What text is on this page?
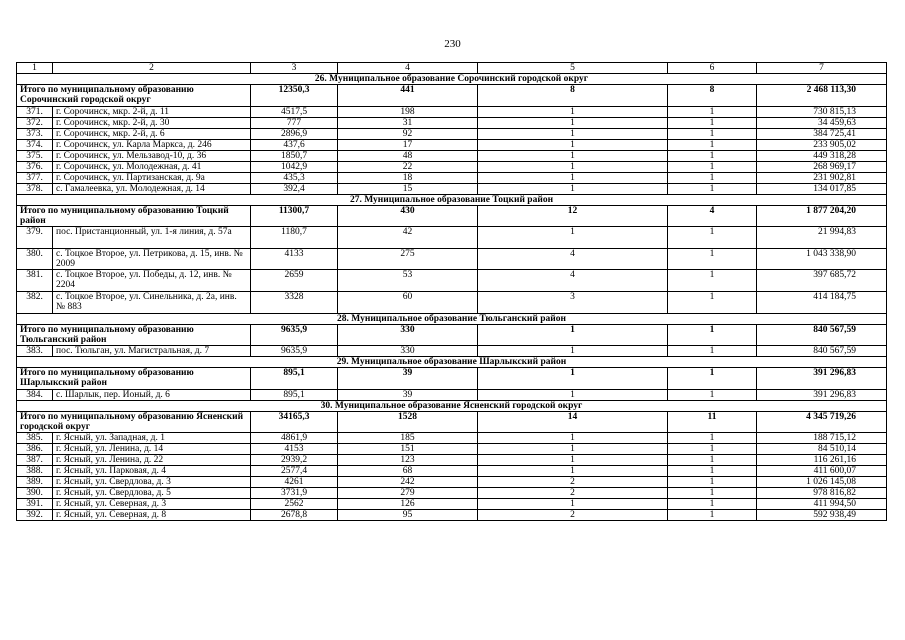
230
1	2	3	4	5	6	7
26. Муниципальное образование Сорочинский городской округ						
Итого по муниципальному образованию Сорочинский городской округ		12350,3	441	8	8	2 468 113,30
371.	г. Сорочинск, мкр. 2-й, д. 11	4517,5	198	1	1	730 815,13
372.	г. Сорочинск, мкр. 2-й, д. 30	777	31	1	1	34 459,63
373.	г. Сорочинск, мкр. 2-й, д. 6	2896,9	92	1	1	384 725,41
374.	г. Сорочинск, ул. Карла Маркса, д. 246	437,6	17	1	1	233 905,02
375.	г. Сорочинск, ул. Мельзавод-10, д. 36	1850,7	48	1	1	449 318,28
376.	г. Сорочинск, ул. Молодежная, д. 41	1042,9	22	1	1	268 969,17
377.	г. Сорочинск, ул. Партизанская, д. 9а	435,3	18	1	1	231 902,81
378.	с. Гамалеевка, ул. Молодежная, д. 14	392,4	15	1	1	134 017,85
27. Муниципальное образование Тоцкий район						
Итого по муниципальному образованию Тоцкий район		11300,7	430	12	4	1 877 204,20
379.	пос. Пристанционный, ул. 1-я линия, д. 57а	1180,7	42	1	1	21 994,83
380.	с. Тоцкое Второе, ул. Петрикова, д. 15, инв. № 2009	4133	275	4	1	1 043 338,90
381.	с. Тоцкое Второе, ул. Победы, д. 12, инв. № 2204	2659	53	4	1	397 685,72
382.	с. Тоцкое Второе, ул. Синельника, д. 2а, инв. № 883	3328	60	3	1	414 184,75
28. Муниципальное образование Тюльганский район						
Итого по муниципальному образованию Тюльганский район		9635,9	330	1	1	840 567,59
383.	пос. Тюльган, ул. Магистральная, д. 7	9635,9	330	1	1	840 567,59
29. Муниципальное образование Шарлыкский район						
Итого по муниципальному образованию Шарлыкский район		895,1	39	1	1	391 296,83
384.	с. Шарлык, пер. Ионый, д. 6	895,1	39	1	1	391 296,83
30. Муниципальное образование Ясненский городской округ						
Итого по муниципальному образованию Ясненский городской округ		34165,3	1528	14	11	4 345 719,26
385.	г. Ясный, ул. Западная, д. 1	4861,9	185	1	1	188 715,12
386.	г. Ясный, ул. Ленина, д. 14	4153	151	1	1	84 510,14
387.	г. Ясный, ул. Ленина, д. 22	2939,2	123	1	1	116 261,16
388.	г. Ясный, ул. Парковая, д. 4	2577,4	68	1	1	411 600,07
389.	г. Ясный, ул. Свердлова, д. 3	4261	242	2	1	1 026 145,08
390.	г. Ясный, ул. Свердлова, д. 5	3731,9	279	2	1	978 816,82
391.	г. Ясный, ул. Северная, д. 3	2562	126	1	1	411 994,50
392.	г. Ясный, ул. Северная, д. 8	2678,8	95	2	1	592 938,49
